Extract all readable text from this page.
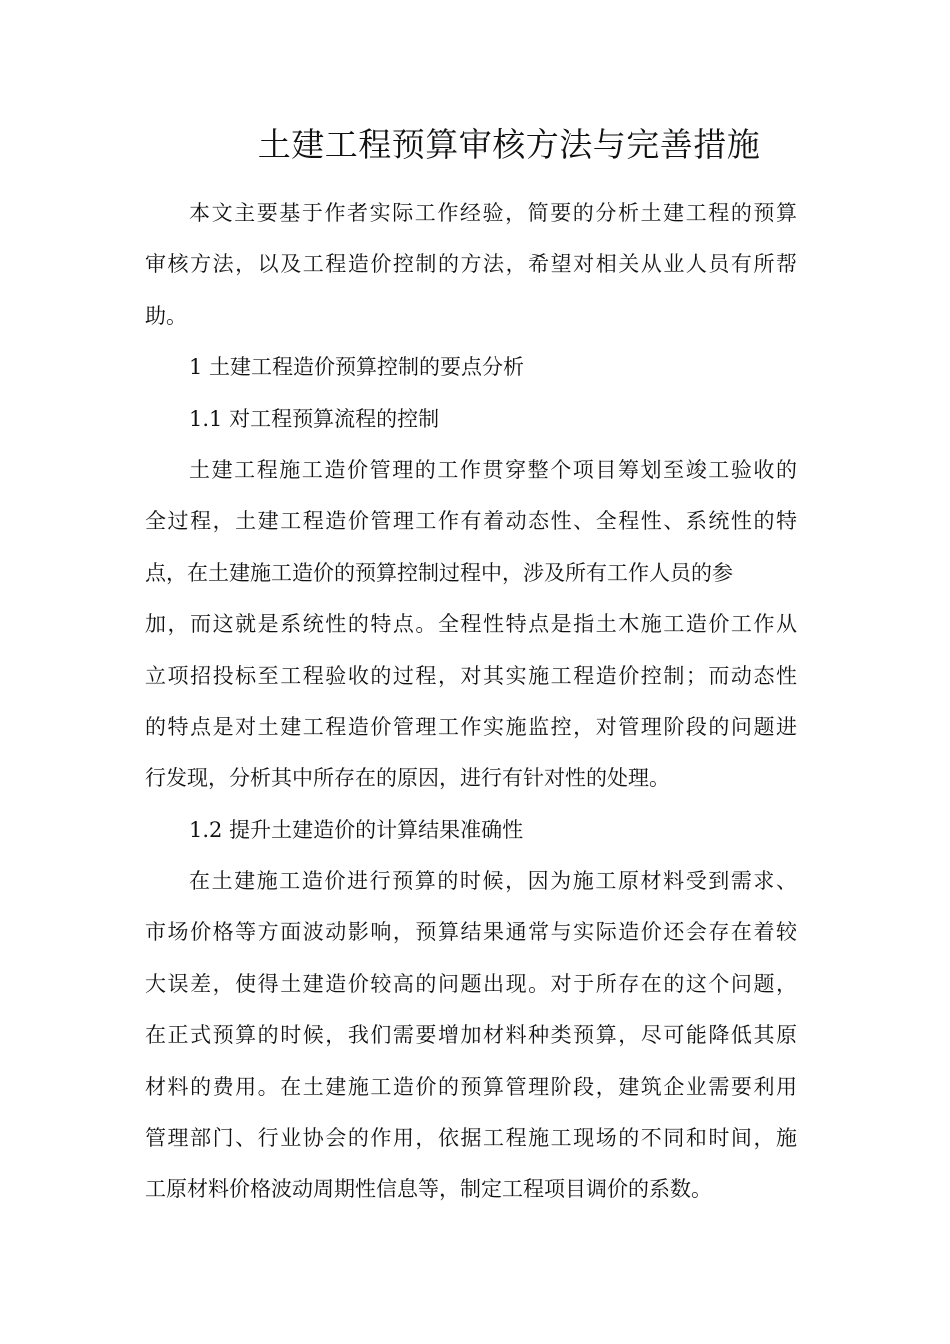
土建工程预算审核方法与完善措施
本文主要基于作者实际工作经验，简要的分析土建工程的预算
审核方法，以及工程造价控制的方法，希望对相关从业人员有所帮
助。
1 土建工程造价预算控制的要点分析
1.1 对工程预算流程的控制
土建工程施工造价管理的工作贯穿整个项目筹划至竣工验收的
全过程，土建工程造价管理工作有着动态性、全程性、系统性的特
点，在土建施工造价的预算控制过程中，涉及所有工作人员的参
加，而这就是系统性的特点。全程性特点是指土木施工造价工作从
立项招投标至工程验收的过程，对其实施工程造价控制；而动态性
的特点是对土建工程造价管理工作实施监控，对管理阶段的问题进
行发现，分析其中所存在的原因，进行有针对性的处理。
1.2 提升土建造价的计算结果准确性
在土建施工造价进行预算的时候，因为施工原材料受到需求、
市场价格等方面波动影响，预算结果通常与实际造价还会存在着较
大误差，使得土建造价较高的问题出现。对于所存在的这个问题，
在正式预算的时候，我们需要增加材料种类预算，尽可能降低其原
材料的费用。在土建施工造价的预算管理阶段，建筑企业需要利用
管理部门、行业协会的作用，依据工程施工现场的不同和时间，施
工原材料价格波动周期性信息等，制定工程项目调价的系数。
